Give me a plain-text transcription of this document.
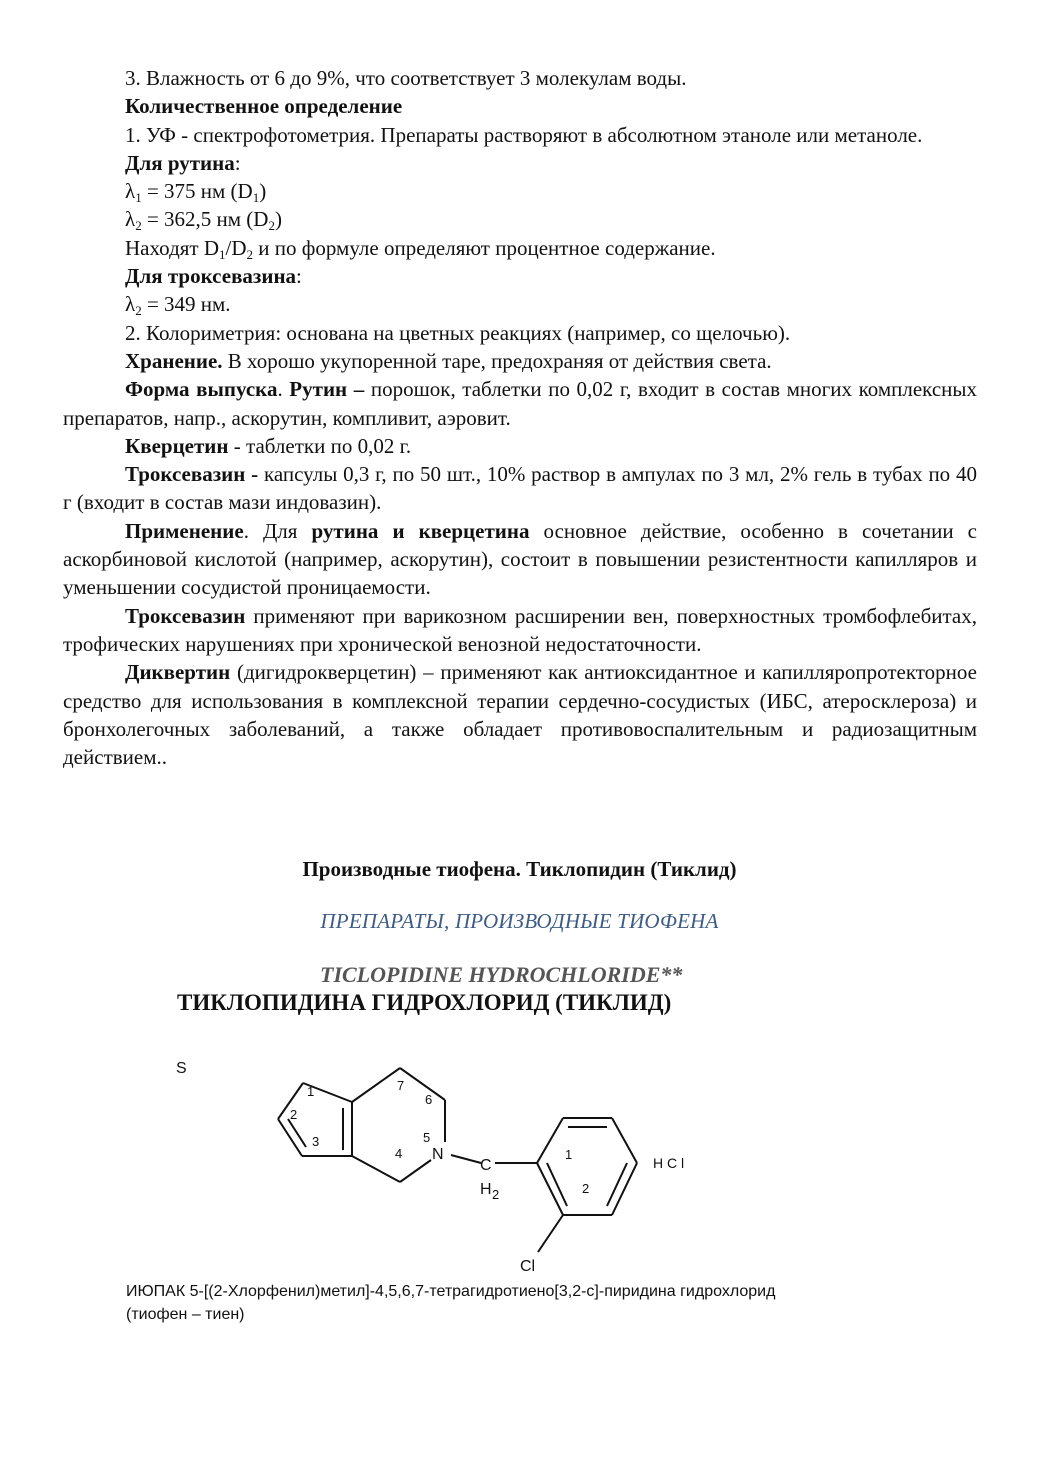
3. Влажность от 6 до 9%, что соответствует 3 молекулам воды.

Количественное определение

1. УФ - спектрофотометрия. Препараты растворяют в абсолютном этаноле или метаноле.

Для рутина:

$\lambda_1 = 375$ нм $(D_1)$

$\lambda_2 = 362,5$ нм $(D_2)$

Находят $D_1/D_2$ и по формуле определяют процентное содержание.

Для троксевазина:

$\lambda_2 = 349$ нм.

2. Колориметрия: основана на цветных реакциях (например, со щелочью).

Хранение. В хорошо укупоренной таре, предохраняя от действия света.

Форма выпуска. Рутин – порошок, таблетки по 0,02 г, входит в состав многих комплексных препаратов, напр., аскорутин, компливит, аэровит.

Кверцетин - таблетки по 0,02 г.

Троксевазин - капсулы 0,3 г, по 50 шт., 10% раствор в ампулах по 3 мл, 2% гель в тубах по 40 г (входит в состав мази индовазин).

Применение. Для рутина и кверцетина основное действие, особенно в сочетании с аскорбиновой кислотой (например, аскорутин), состоит в повышении резистентности капилляров и уменьшении сосудистой проницаемости.

Троксевазин применяют при варикозном расширении вен, поверхностных тромбофлебитах, трофических нарушениях при хронической венозной недостаточности.

Диквертин (дигидрокверцетин) – применяют как антиоксидантное и капилляропротекторное средство для использования в комплексной терапии сердечно-сосудистых (ИБС, атеросклероза) и бронхолегочных заболеваний, а также обладает противовоспалительным и радиозащитным действием..

Производные тиофена. Тиклопидин (Тиклид)
ПРЕПАРАТЫ, ПРОИЗВОДНЫЕ ТИОФЕНА
TICLOPIDINE HYDROCHLORIDE**
ТИКЛОПИДИНА ГИДРОХЛОРИД (ТИКЛИД)
S
N
C
H 2
Cl
H C l
1
2
3
4
5
6
7
1
2
ИЮПАК 5-[(2-Хлорфенил)метил]-4,5,6,7-тетрагидротиено[3,2-c]-пиридина гидрохлорид
(тиофен – тиен)
